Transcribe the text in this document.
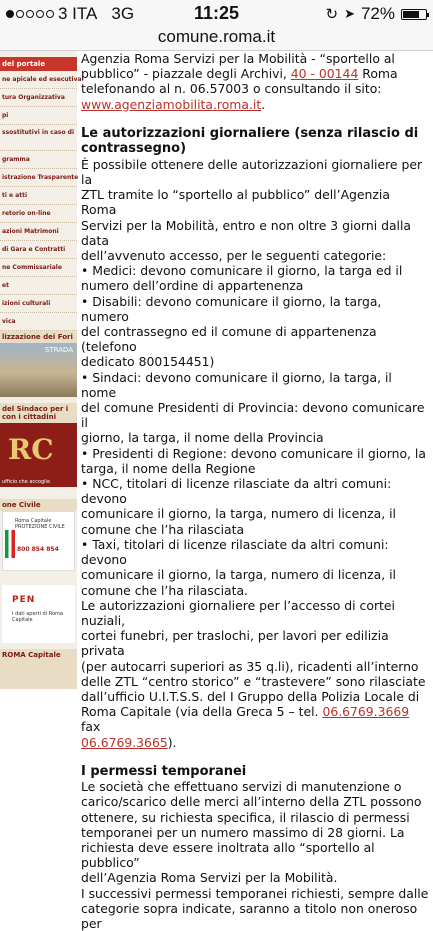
3 ITA 3G	11:25	↻ ➤ 72%
comune.roma.it
del portale
ne apicale ed esecutiva
tura Organizzativa
pi
ssostitutivi in caso di
gramma
istrazione Trasparente
ti e atti
retorio on-line
azioni Matrimoni
di Gara e Contratti
ne Commissariale
et
izioni culturali
vica
lizzazione dei Fori
STRADA
del Sindaco per i con i cittadini
RC
ufficio che accoglie
one Civile
Roma Capitale PROTEZIONE CIVILE
800 854 854
PEN
I dati aperti di Roma Capitale
ROMA Capitale

Agenzia Roma Servizi per la Mobilità - “sportello al

pubblico” - piazzale degli Archivi, 40 - 00144 Roma

telefonando al n. 06.57003 o consultando il sito:

www.agenziamobilita.roma.it.

Le autorizzazioni giornaliere (senza rilascio di

contrassegno)

È possibile ottenere delle autorizzazioni giornaliere per la

ZTL tramite lo “sportello al pubblico” dell’Agenzia Roma

Servizi per la Mobilità, entro e non oltre 3 giorni dalla data

dell’avvenuto accesso, per le seguenti categorie:

• Medici: devono comunicare il giorno, la targa ed il

numero dell’ordine di appartenenza

• Disabili: devono comunicare il giorno, la targa, numero

del contrassegno ed il comune di appartenenza (telefono

dedicato 800154451)

• Sindaci: devono comunicare il giorno, la targa, il nome

del comune Presidenti di Provincia: devono comunicare il

giorno, la targa, il nome della Provincia

• Presidenti di Regione: devono comunicare il giorno, la

targa, il nome della Regione

• NCC, titolari di licenze rilasciate da altri comuni: devono

comunicare il giorno, la targa, numero di licenza, il

comune che l’ha rilasciata

• Taxi, titolari di licenze rilasciate da altri comuni: devono

comunicare il giorno, la targa, numero di licenza, il

comune che l’ha rilasciata.

Le autorizzazioni giornaliere per l’accesso di cortei nuziali,

cortei funebri, per traslochi, per lavori per edilizia privata

(per autocarri superiori as 35 q.li), ricadenti all’interno

delle ZTL “centro storico” e “trastevere” sono rilasciate

dall’ufficio U.I.T.S.S. del I Gruppo della Polizia Locale di

Roma Capitale (via della Greca 5 – tel. 06.6769.3669 fax

06.6769.3665).

I permessi temporanei

Le società che effettuano servizi di manutenzione o

carico/scarico delle merci all’interno della ZTL possono

ottenere, su richiesta specifica, il rilascio di permessi

temporanei per un numero massimo di 28 giorni. La

richiesta deve essere inoltrata allo “sportello al pubblico”

dell’Agenzia Roma Servizi per la Mobilità.

I successivi permessi temporanei richiesti, sempre dalle

categorie sopra indicate, saranno a titolo non oneroso per
